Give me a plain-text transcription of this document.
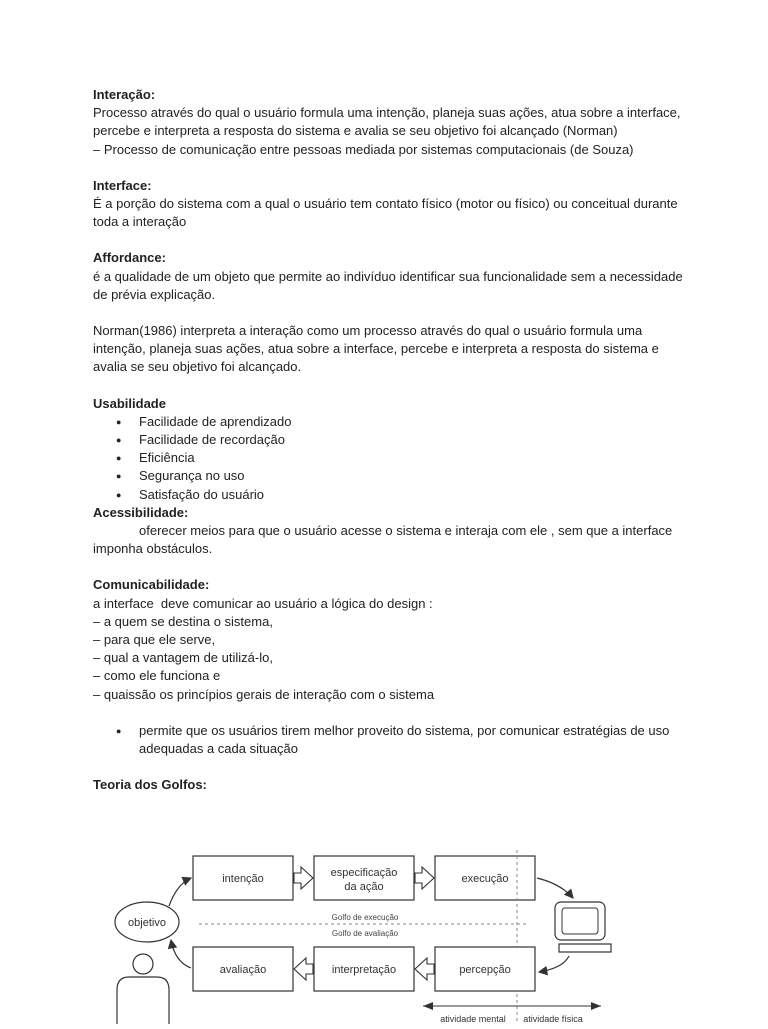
Interação:

Processo através do qual o usuário formula uma intenção, planeja suas ações, atua sobre a interface, percebe e interpreta a resposta do sistema e avalia se seu objetivo foi alcançado (Norman)

– Processo de comunicação entre pessoas mediada por sistemas computacionais (de Souza)

Interface:

É a porção do sistema com a qual o usuário tem contato físico (motor ou físico) ou conceitual durante toda a interação

Affordance:

é a qualidade de um objeto que permite ao indivíduo identificar sua funcionalidade sem a necessidade de prévia explicação.

Norman(1986) interpreta a interação como um processo através do qual o usuário formula uma intenção, planeja suas ações, atua sobre a interface, percebe e interpreta a resposta do sistema e avalia se seu objetivo foi alcançado.

Usabilidade

● Facilidade de aprendizado
● Facilidade de recordação
● Eficiência
● Segurança no uso
● Satisfação do usuário

Acessibilidade:

oferecer meios para que o usuário acesse o sistema e interaja com ele , sem que a interface imponha obstáculos.

Comunicabilidade:

a interface  deve comunicar ao usuário a lógica do design :

– a quem se destina o sistema,

– para que ele serve,

– qual a vantagem de utilizá-lo,

– como ele funciona e

– quaissão os princípios gerais de interação com o sistema

● permite que os usuários tirem melhor proveito do sistema, por comunicar estratégias de uso adequadas a cada situação

Teoria dos Golfos:

objetivo
intenção	especificação
da ação
execução
Golfo de execução
Golfo de avaliação
avaliação	interpretação	percepção
atividade mental atividade física
